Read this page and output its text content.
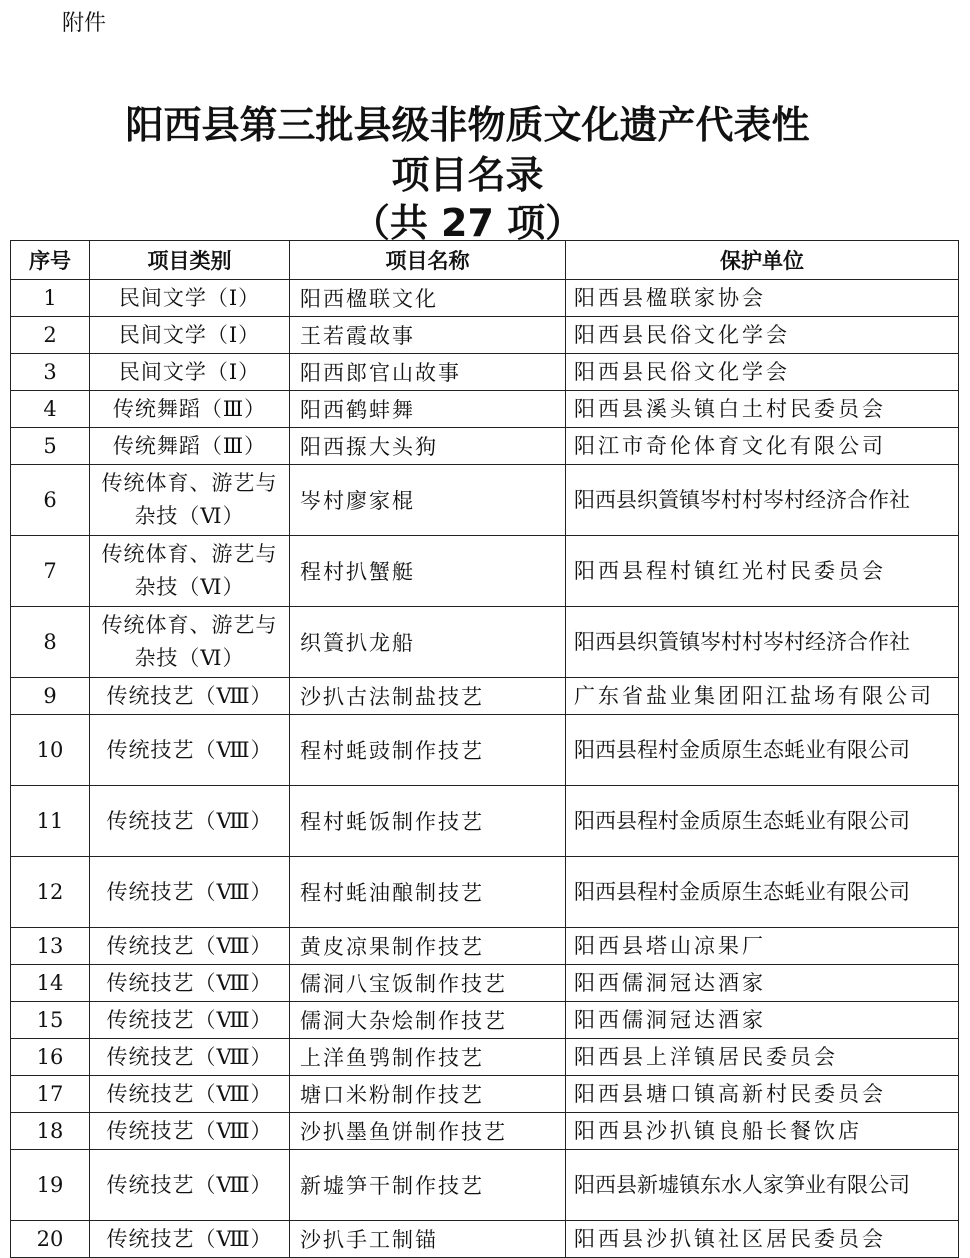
附件
阳西县第三批县级非物质文化遗产代表性
项目名录
（共 27 项）
序号	项目类别	项目名称	保护单位
1	民间文学（Ⅰ）	阳西楹联文化	阳西县楹联家协会
2	民间文学（Ⅰ）	王若霞故事	阳西县民俗文化学会
3	民间文学（Ⅰ）	阳西郎官山故事	阳西县民俗文化学会
4	传统舞蹈（Ⅲ）	阳西鹤蚌舞	阳西县溪头镇白土村民委员会
5	传统舞蹈（Ⅲ）	阳西揼大头狗	阳江市奇伦体育文化有限公司
6	传统体育、游艺与杂技（Ⅵ）	岑村廖家棍	阳西县织篢镇岑村村岑村经济合作社
7	传统体育、游艺与杂技（Ⅵ）	程村扒蟹艇	阳西县程村镇红光村民委员会
8	传统体育、游艺与杂技（Ⅵ）	织篢扒龙船	阳西县织篢镇岑村村岑村经济合作社
9	传统技艺（Ⅷ）	沙扒古法制盐技艺	广东省盐业集团阳江盐场有限公司
10	传统技艺（Ⅷ）	程村蚝豉制作技艺	阳西县程村金质原生态蚝业有限公司
11	传统技艺（Ⅷ）	程村蚝饭制作技艺	阳西县程村金质原生态蚝业有限公司
12	传统技艺（Ⅷ）	程村蚝油酿制技艺	阳西县程村金质原生态蚝业有限公司
13	传统技艺（Ⅷ）	黄皮凉果制作技艺	阳西县塔山凉果厂
14	传统技艺（Ⅷ）	儒洞八宝饭制作技艺	阳西儒洞冠达酒家
15	传统技艺（Ⅷ）	儒洞大杂烩制作技艺	阳西儒洞冠达酒家
16	传统技艺（Ⅷ）	上洋鱼鸮制作技艺	阳西县上洋镇居民委员会
17	传统技艺（Ⅷ）	塘口米粉制作技艺	阳西县塘口镇高新村民委员会
18	传统技艺（Ⅷ）	沙扒墨鱼饼制作技艺	阳西县沙扒镇良船长餐饮店
19	传统技艺（Ⅷ）	新墟笋干制作技艺	阳西县新墟镇东水人家笋业有限公司
20	传统技艺（Ⅷ）	沙扒手工制锚	阳西县沙扒镇社区居民委员会
